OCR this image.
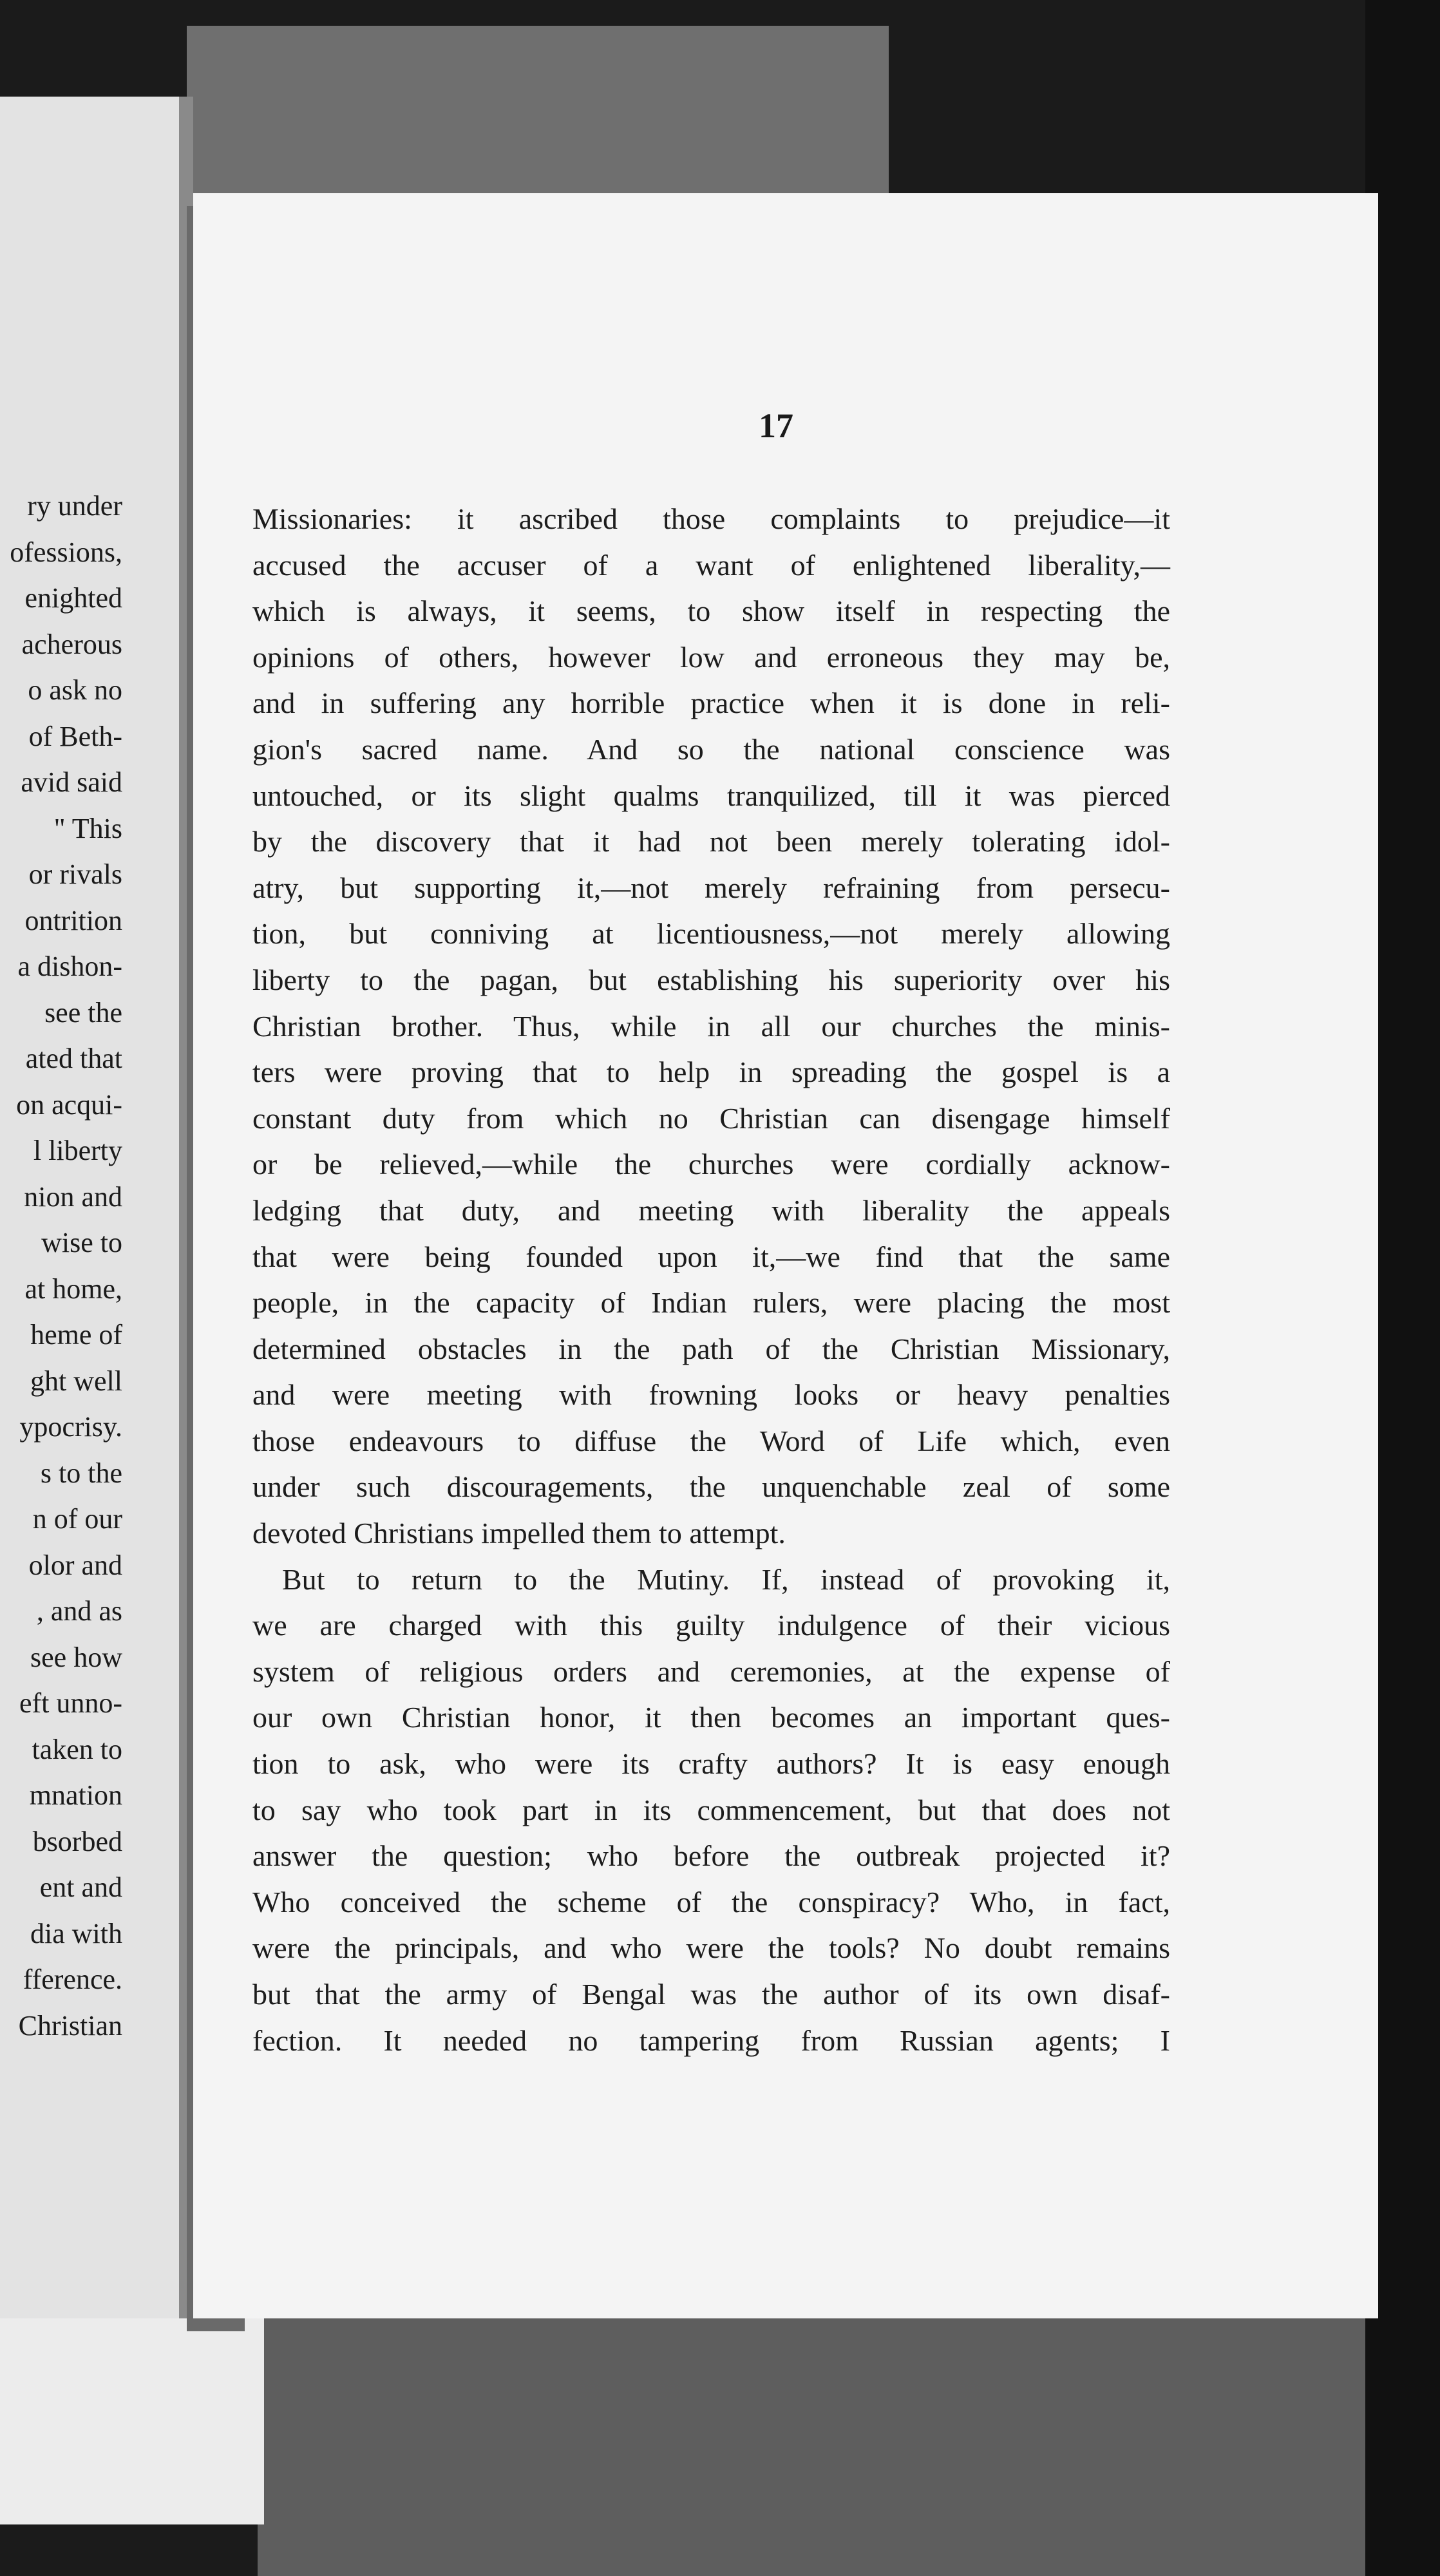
ry under
ofessions,
enighted
acherous
o ask no
of Beth-
avid said
" This
or rivals
ontrition
a dishon-
see the
ated that
on acqui-
l liberty
nion and
wise to
at home,
heme of
ght well
ypocrisy.
s to the
n of our
olor and
, and as
see how
eft unno-
taken to
mnation
bsorbed
ent and
dia with
fference.
Christian
17
Missionaries: it ascribed those complaints to prejudice—it
accused the accuser of a want of enlightened liberality,—
which is always, it seems, to show itself in respecting the
opinions of others, however low and erroneous they may be,
and in suffering any horrible practice when it is done in reli-
gion's sacred name. And so the national conscience was
untouched, or its slight qualms tranquilized, till it was pierced
by the discovery that it had not been merely tolerating idol-
atry, but supporting it,—not merely refraining from persecu-
tion, but conniving at licentiousness,—not merely allowing
liberty to the pagan, but establishing his superiority over his
Christian brother. Thus, while in all our churches the minis-
ters were proving that to help in spreading the gospel is a
constant duty from which no Christian can disengage himself
or be relieved,—while the churches were cordially acknow-
ledging that duty, and meeting with liberality the appeals
that were being founded upon it,—we find that the same
people, in the capacity of Indian rulers, were placing the most
determined obstacles in the path of the Christian Missionary,
and were meeting with frowning looks or heavy penalties
those endeavours to diffuse the Word of Life which, even
under such discouragements, the unquenchable zeal of some
devoted Christians impelled them to attempt.
But to return to the Mutiny. If, instead of provoking it,
we are charged with this guilty indulgence of their vicious
system of religious orders and ceremonies, at the expense of
our own Christian honor, it then becomes an important ques-
tion to ask, who were its crafty authors? It is easy enough
to say who took part in its commencement, but that does not
answer the question; who before the outbreak projected it?
Who conceived the scheme of the conspiracy? Who, in fact,
were the principals, and who were the tools? No doubt remains
but that the army of Bengal was the author of its own disaf-
fection. It needed no tampering from Russian agents; I
